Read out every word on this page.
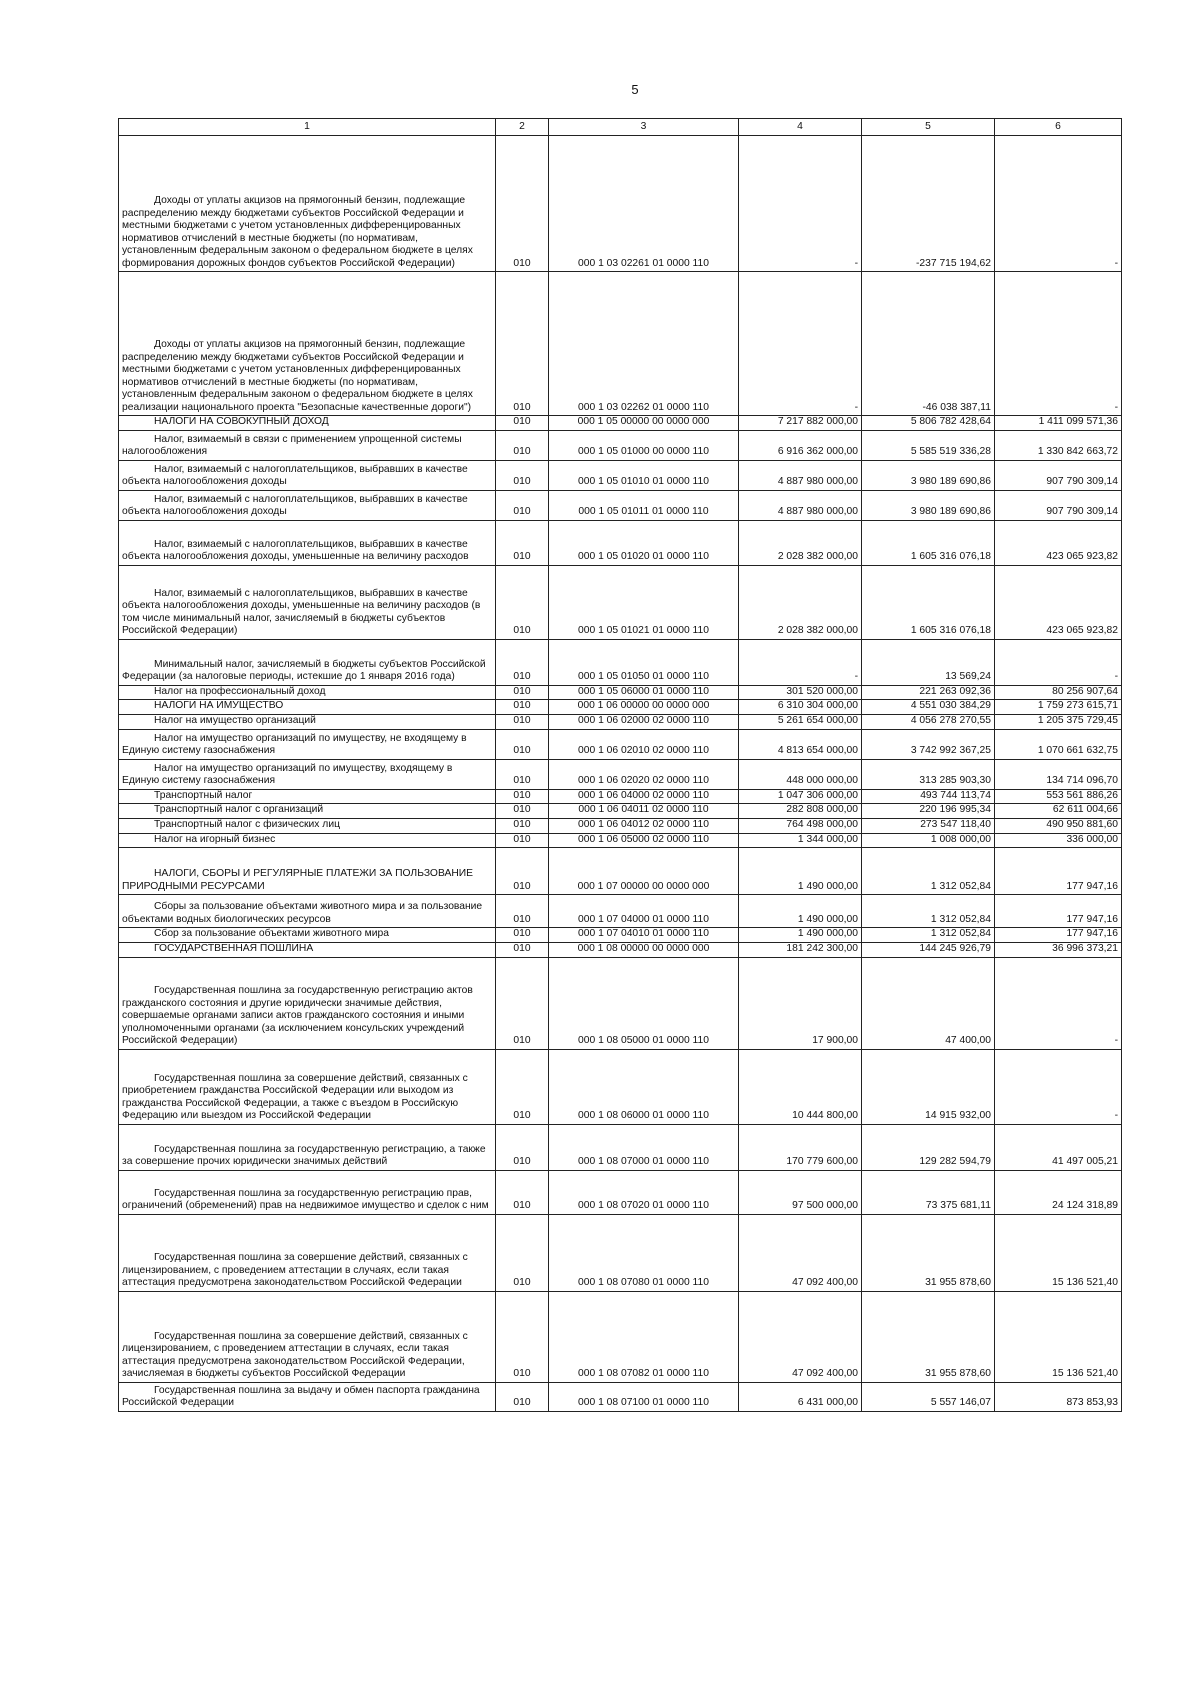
5
1	2	3	4	5	6

Доходы от уплаты акцизов на прямогонный бензин, подлежащие распределению между бюджетами субъектов Российской Федерации и местными бюджетами с учетом установленных дифференцированных нормативов отчислений в местные бюджеты (по нормативам, установленным федеральным законом о федеральном бюджете в целях формирования дорожных фондов субъектов Российской Федерации)	010	000 1 03 02261 01 0000 110	-	-237 715 194,62	-

Доходы от уплаты акцизов на прямогонный бензин, подлежащие распределению между бюджетами субъектов Российской Федерации и местными бюджетами с учетом установленных дифференцированных нормативов отчислений в местные бюджеты (по нормативам, установленным федеральным законом о федеральном бюджете в целях реализации национального проекта "Безопасные качественные дороги")	010	000 1 03 02262 01 0000 110	-	-46 038 387,11	-

НАЛОГИ НА СОВОКУПНЫЙ ДОХОД	010	000 1 05 00000 00 0000 000	7 217 882 000,00	5 806 782 428,64	1 411 099 571,36

Налог, взимаемый в связи с применением упрощенной системы налогообложения	010	000 1 05 01000 00 0000 110	6 916 362 000,00	5 585 519 336,28	1 330 842 663,72

Налог, взимаемый с налогоплательщиков, выбравших в качестве объекта налогообложения доходы	010	000 1 05 01010 01 0000 110	4 887 980 000,00	3 980 189 690,86	907 790 309,14

Налог, взимаемый с налогоплательщиков, выбравших в качестве объекта налогообложения доходы	010	000 1 05 01011 01 0000 110	4 887 980 000,00	3 980 189 690,86	907 790 309,14

Налог, взимаемый с налогоплательщиков, выбравших в качестве объекта налогообложения доходы, уменьшенные на величину расходов	010	000 1 05 01020 01 0000 110	2 028 382 000,00	1 605 316 076,18	423 065 923,82

Налог, взимаемый с налогоплательщиков, выбравших в качестве объекта налогообложения доходы, уменьшенные на величину расходов (в том числе минимальный налог, зачисляемый в бюджеты субъектов Российской Федерации)	010	000 1 05 01021 01 0000 110	2 028 382 000,00	1 605 316 076,18	423 065 923,82

Минимальный налог, зачисляемый в бюджеты субъектов Российской Федерации (за налоговые периоды, истекшие до 1 января 2016 года)	010	000 1 05 01050 01 0000 110	-	13 569,24	-

Налог на профессиональный доход	010	000 1 05 06000 01 0000 110	301 520 000,00	221 263 092,36	80 256 907,64

НАЛОГИ НА ИМУЩЕСТВО	010	000 1 06 00000 00 0000 000	6 310 304 000,00	4 551 030 384,29	1 759 273 615,71

Налог на имущество организаций	010	000 1 06 02000 02 0000 110	5 261 654 000,00	4 056 278 270,55	1 205 375 729,45

Налог на имущество организаций по имуществу, не входящему в Единую систему газоснабжения	010	000 1 06 02010 02 0000 110	4 813 654 000,00	3 742 992 367,25	1 070 661 632,75

Налог на имущество организаций по имуществу, входящему в Единую систему газоснабжения	010	000 1 06 02020 02 0000 110	448 000 000,00	313 285 903,30	134 714 096,70

Транспортный налог	010	000 1 06 04000 02 0000 110	1 047 306 000,00	493 744 113,74	553 561 886,26

Транспортный налог с организаций	010	000 1 06 04011 02 0000 110	282 808 000,00	220 196 995,34	62 611 004,66

Транспортный налог с физических лиц	010	000 1 06 04012 02 0000 110	764 498 000,00	273 547 118,40	490 950 881,60

Налог на игорный бизнес	010	000 1 06 05000 02 0000 110	1 344 000,00	1 008 000,00	336 000,00

НАЛОГИ, СБОРЫ И РЕГУЛЯРНЫЕ ПЛАТЕЖИ ЗА ПОЛЬЗОВАНИЕ ПРИРОДНЫМИ РЕСУРСАМИ	010	000 1 07 00000 00 0000 000	1 490 000,00	1 312 052,84	177 947,16

Сборы за пользование объектами животного мира и за пользование объектами водных биологических ресурсов	010	000 1 07 04000 01 0000 110	1 490 000,00	1 312 052,84	177 947,16

Сбор за пользование объектами животного мира	010	000 1 07 04010 01 0000 110	1 490 000,00	1 312 052,84	177 947,16

ГОСУДАРСТВЕННАЯ ПОШЛИНА	010	000 1 08 00000 00 0000 000	181 242 300,00	144 245 926,79	36 996 373,21

Государственная пошлина за государственную регистрацию актов гражданского состояния и другие юридически значимые действия, совершаемые органами записи актов гражданского состояния и иными уполномоченными органами (за исключением консульских учреждений Российской Федерации)	010	000 1 08 05000 01 0000 110	17 900,00	47 400,00	-

Государственная пошлина за совершение действий, связанных с приобретением гражданства Российской Федерации или выходом из гражданства Российской Федерации, а также с въездом в Российскую Федерацию или выездом из Российской Федерации	010	000 1 08 06000 01 0000 110	10 444 800,00	14 915 932,00	-

Государственная пошлина за государственную регистрацию, а также за совершение прочих юридически значимых действий	010	000 1 08 07000 01 0000 110	170 779 600,00	129 282 594,79	41 497 005,21

Государственная пошлина за государственную регистрацию прав, ограничений (обременений) прав на недвижимое имущество и сделок с ним	010	000 1 08 07020 01 0000 110	97 500 000,00	73 375 681,11	24 124 318,89

Государственная пошлина за совершение действий, связанных с лицензированием, с проведением аттестации в случаях, если такая аттестация предусмотрена законодательством Российской Федерации	010	000 1 08 07080 01 0000 110	47 092 400,00	31 955 878,60	15 136 521,40

Государственная пошлина за совершение действий, связанных с лицензированием, с проведением аттестации в случаях, если такая аттестация предусмотрена законодательством Российской Федерации, зачисляемая в бюджеты субъектов Российской Федерации	010	000 1 08 07082 01 0000 110	47 092 400,00	31 955 878,60	15 136 521,40

Государственная пошлина за выдачу и обмен паспорта гражданина Российской Федерации	010	000 1 08 07100 01 0000 110	6 431 000,00	5 557 146,07	873 853,93
